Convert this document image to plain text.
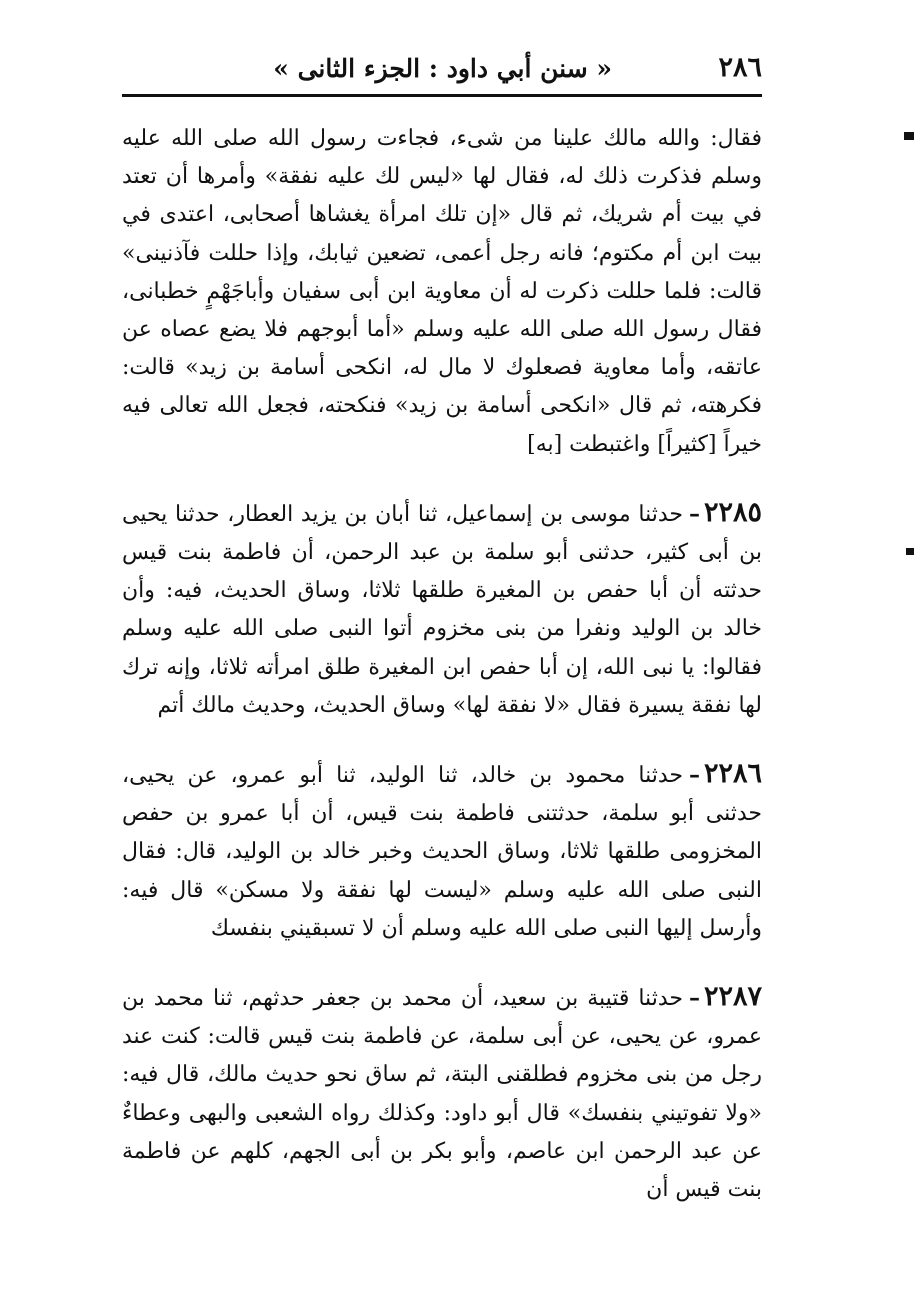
« سنن أبي داود : الجزء الثانى »	٢٨٦

فقال: والله مالك علينا من شىء، فجاءت رسول الله صلى الله عليه وسلم فذكرت ذلك له، فقال لها «ليس لك عليه نفقة» وأمرها أن تعتد في بيت أم شريك، ثم قال «إن تلك امرأة يغشاها أصحابى، اعتدى في بيت ابن أم مكتوم؛ فانه رجل أعمى، تضعين ثيابك، وإذا حللت فآذنينى» قالت: فلما حللت ذكرت له أن معاوية ابن أبى سفيان وأباجَهْمٍ خطبانى، فقال رسول الله صلى الله عليه وسلم «أما أبوجهم فلا يضع عصاه عن عاتقه، وأما معاوية فصعلوك لا مال له، انكحى أسامة بن زيد» قالت: فكرهته، ثم قال «انكحى أسامة بن زيد» فنكحته، فجعل الله تعالى فيه خيراً [كثيراً] واغتبطت [به]

٢٢٨٥–حدثنا موسى بن إسماعيل، ثنا أبان بن يزيد العطار، حدثنا يحيى بن أبى كثير، حدثنى أبو سلمة بن عبد الرحمن، أن فاطمة بنت قيس حدثته أن أبا حفص بن المغيرة طلقها ثلاثا، وساق الحديث، فيه: وأن خالد بن الوليد ونفرا من بنى مخزوم أتوا النبى صلى الله عليه وسلم فقالوا: يا نبى الله، إن أبا حفص ابن المغيرة طلق امرأته ثلاثا، وإنه ترك لها نفقة يسيرة فقال «لا نفقة لها» وساق الحديث، وحديث مالك أتم

٢٢٨٦–حدثنا محمود بن خالد، ثنا الوليد، ثنا أبو عمرو، عن يحيى، حدثنى أبو سلمة، حدثتنى فاطمة بنت قيس، أن أبا عمرو بن حفص المخزومى طلقها ثلاثا، وساق الحديث وخبر خالد بن الوليد، قال: فقال النبى صلى الله عليه وسلم «ليست لها نفقة ولا مسكن» قال فيه: وأرسل إليها النبى صلى الله عليه وسلم أن لا تسبقيني بنفسك

٢٢٨٧–حدثنا قتيبة بن سعيد، أن محمد بن جعفر حدثهم، ثنا محمد بن عمرو، عن يحيى، عن أبى سلمة، عن فاطمة بنت قيس قالت: كنت عند رجل من بنى مخزوم فطلقنى البتة، ثم ساق نحو حديث مالك، قال فيه: «ولا تفوتيني بنفسك» قال أبو داود: وكذلك رواه الشعبى والبهى وعطاءٌ عن عبد الرحمن ابن عاصم، وأبو بكر بن أبى الجهم، كلهم عن فاطمة بنت قيس أن
